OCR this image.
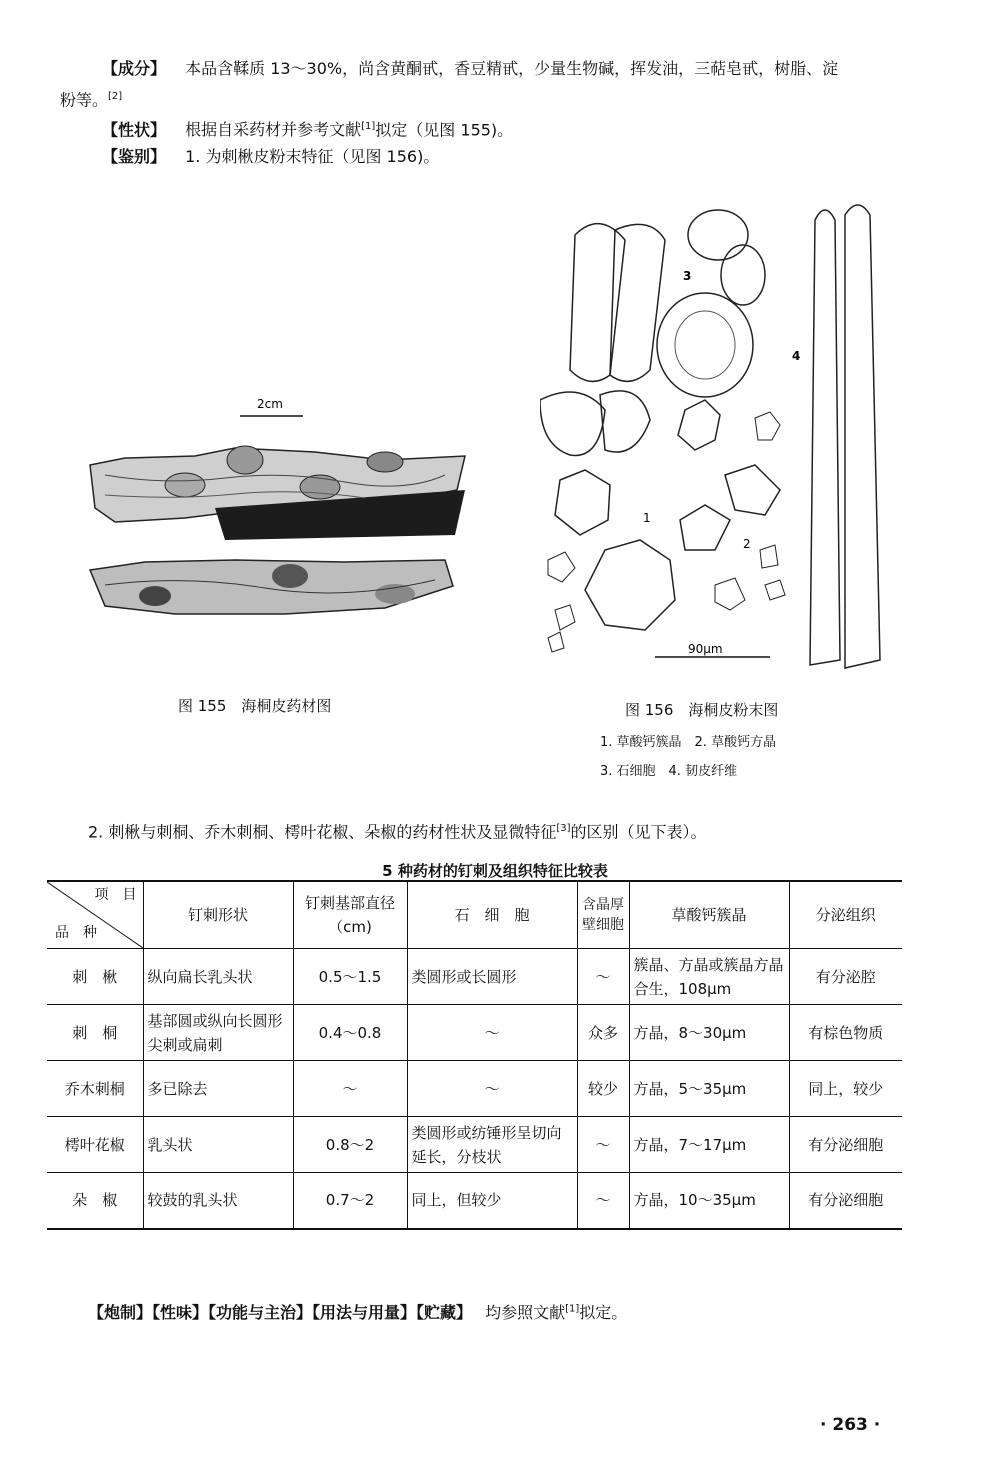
【成分】 本品含鞣质 13～30%，尚含黄酮甙，香豆精甙，少量生物碱，挥发油，三萜皂甙，树脂、淀
粉等。[2]
【性状】 根据自采药材并参考文献[1]拟定（见图 155)。
【鉴别】 1. 为刺楸皮粉末特征（见图 156)。
2cm
图 155　海桐皮药材图
3
4
1
2
90μm
图 156　海桐皮粉末图
1. 草酸钙簇晶　2. 草酸钙方晶
3. 石细胞　4. 韧皮纤维
2. 刺楸与刺桐、乔木刺桐、樗叶花椒、朵椒的药材性状及显微特征[3]的区别（见下表）。
5 种药材的钉刺及组织特征比较表
项　目
品　种	钉刺形状	钉刺基部直径（cm)	石　细　胞	含晶厚壁细胞	草酸钙簇晶	分泌组织
刺　楸	纵向扁长乳头状	0.5～1.5	类圆形或长圆形	～	簇晶、方晶或簇晶方晶合生，108μm	有分泌腔
刺　桐	基部圆或纵向长圆形尖刺或扁刺	0.4～0.8	～	众多	方晶，8～30μm	有棕色物质
乔木刺桐	多已除去	～	～	较少	方晶，5～35μm	同上，较少
樗叶花椒	乳头状	0.8～2	类圆形或纺锤形呈切向延长，分枝状	～	方晶，7～17μm	有分泌细胞
朵　椒	较鼓的乳头状	0.7～2	同上，但较少	～	方晶，10～35μm	有分泌细胞
【炮制】【性味】【功能与主治】【用法与用量】【贮藏】 均参照文献[1]拟定。
· 263 ·
